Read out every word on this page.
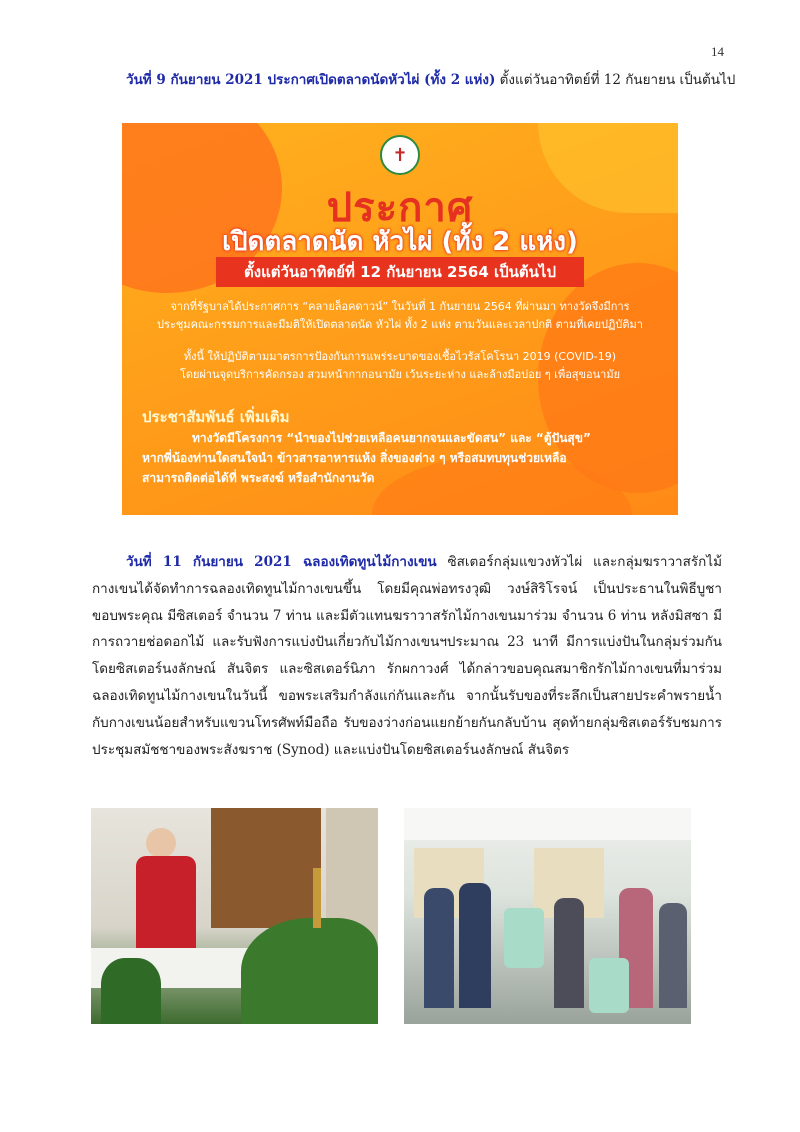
14
วันที่ 9 กันยายน 2021 ประกาศเปิดตลาดนัดหัวไผ่ (ทั้ง 2 แห่ง) ตั้งแต่วันอาทิตย์ที่ 12 กันยายน เป็นต้นไป
✝
ประกาศ
เปิดตลาดนัด หัวไผ่ (ทั้ง 2 แห่ง)
ตั้งแต่วันอาทิตย์ที่ 12 กันยายน 2564 เป็นต้นไป
จากที่รัฐบาลได้ประกาศการ “คลายล็อคดาวน์” ในวันที่ 1 กันยายน 2564 ที่ผ่านมา ทางวัดจึงมีการ
ประชุมคณะกรรมการและมีมติให้เปิดตลาดนัด หัวไผ่ ทั้ง 2 แห่ง ตามวันและเวลาปกติ ตามที่เคยปฏิบัติมา
ทั้งนี้ ให้ปฏิบัติตามมาตรการป้องกันการแพร่ระบาดของเชื้อไวรัสโคโรนา 2019 (COVID-19)
โดยผ่านจุดบริการคัดกรอง สวมหน้ากากอนามัย เว้นระยะห่าง และล้างมือบ่อย ๆ เพื่อสุขอนามัย
ประชาสัมพันธ์ เพิ่มเติม
ทางวัดมีโครงการ “นำของไปช่วยเหลือคนยากจนและขัดสน” และ “ตู้ปันสุข”
หากพี่น้องท่านใดสนใจนำ ข้าวสารอาหารแห้ง สิ่งของต่าง ๆ หรือสมทบทุนช่วยเหลือ
สามารถติดต่อได้ที่ พระสงฆ์ หรือสำนักงานวัด
วันที่ 11 กันยายน 2021 ฉลองเทิดทูนไม้กางเขน ซิสเตอร์กลุ่มแขวงหัวไผ่ และกลุ่มฆราวาสรักไม้กางเขนได้จัดทำการฉลองเทิดทูนไม้กางเขนขึ้น โดยมีคุณพ่อทรงวุฒิ วงษ์สิริโรจน์ เป็นประธานในพิธีบูชาขอบพระคุณ มีซิสเตอร์ จำนวน 7 ท่าน และมีตัวแทนฆราวาสรักไม้กางเขนมาร่วม จำนวน 6 ท่าน หลังมิสซา มีการถวายช่อดอกไม้ และรับฟังการแบ่งปันเกี่ยวกับไม้กางเขนฯประมาณ 23 นาที มีการแบ่งปันในกลุ่มร่วมกัน โดยซิสเตอร์นงลักษณ์ สันจิตร และซิสเตอร์นิภา รักผกาวงศ์ ได้กล่าวขอบคุณสมาชิกรักไม้กางเขนที่มาร่วมฉลองเทิดทูนไม้กางเขนในวันนี้ ขอพระเสริมกำลังแก่กันและกัน จากนั้นรับของที่ระลึกเป็นสายประคำพรายน้ำกับกางเขนน้อยสำหรับแขวนโทรศัพท์มือถือ รับของว่างก่อนแยกย้ายกันกลับบ้าน สุดท้ายกลุ่มซิสเตอร์รับชมการประชุมสมัชชาของพระสังฆราช (Synod) และแบ่งปันโดยซิสเตอร์นงลักษณ์ สันจิตร
